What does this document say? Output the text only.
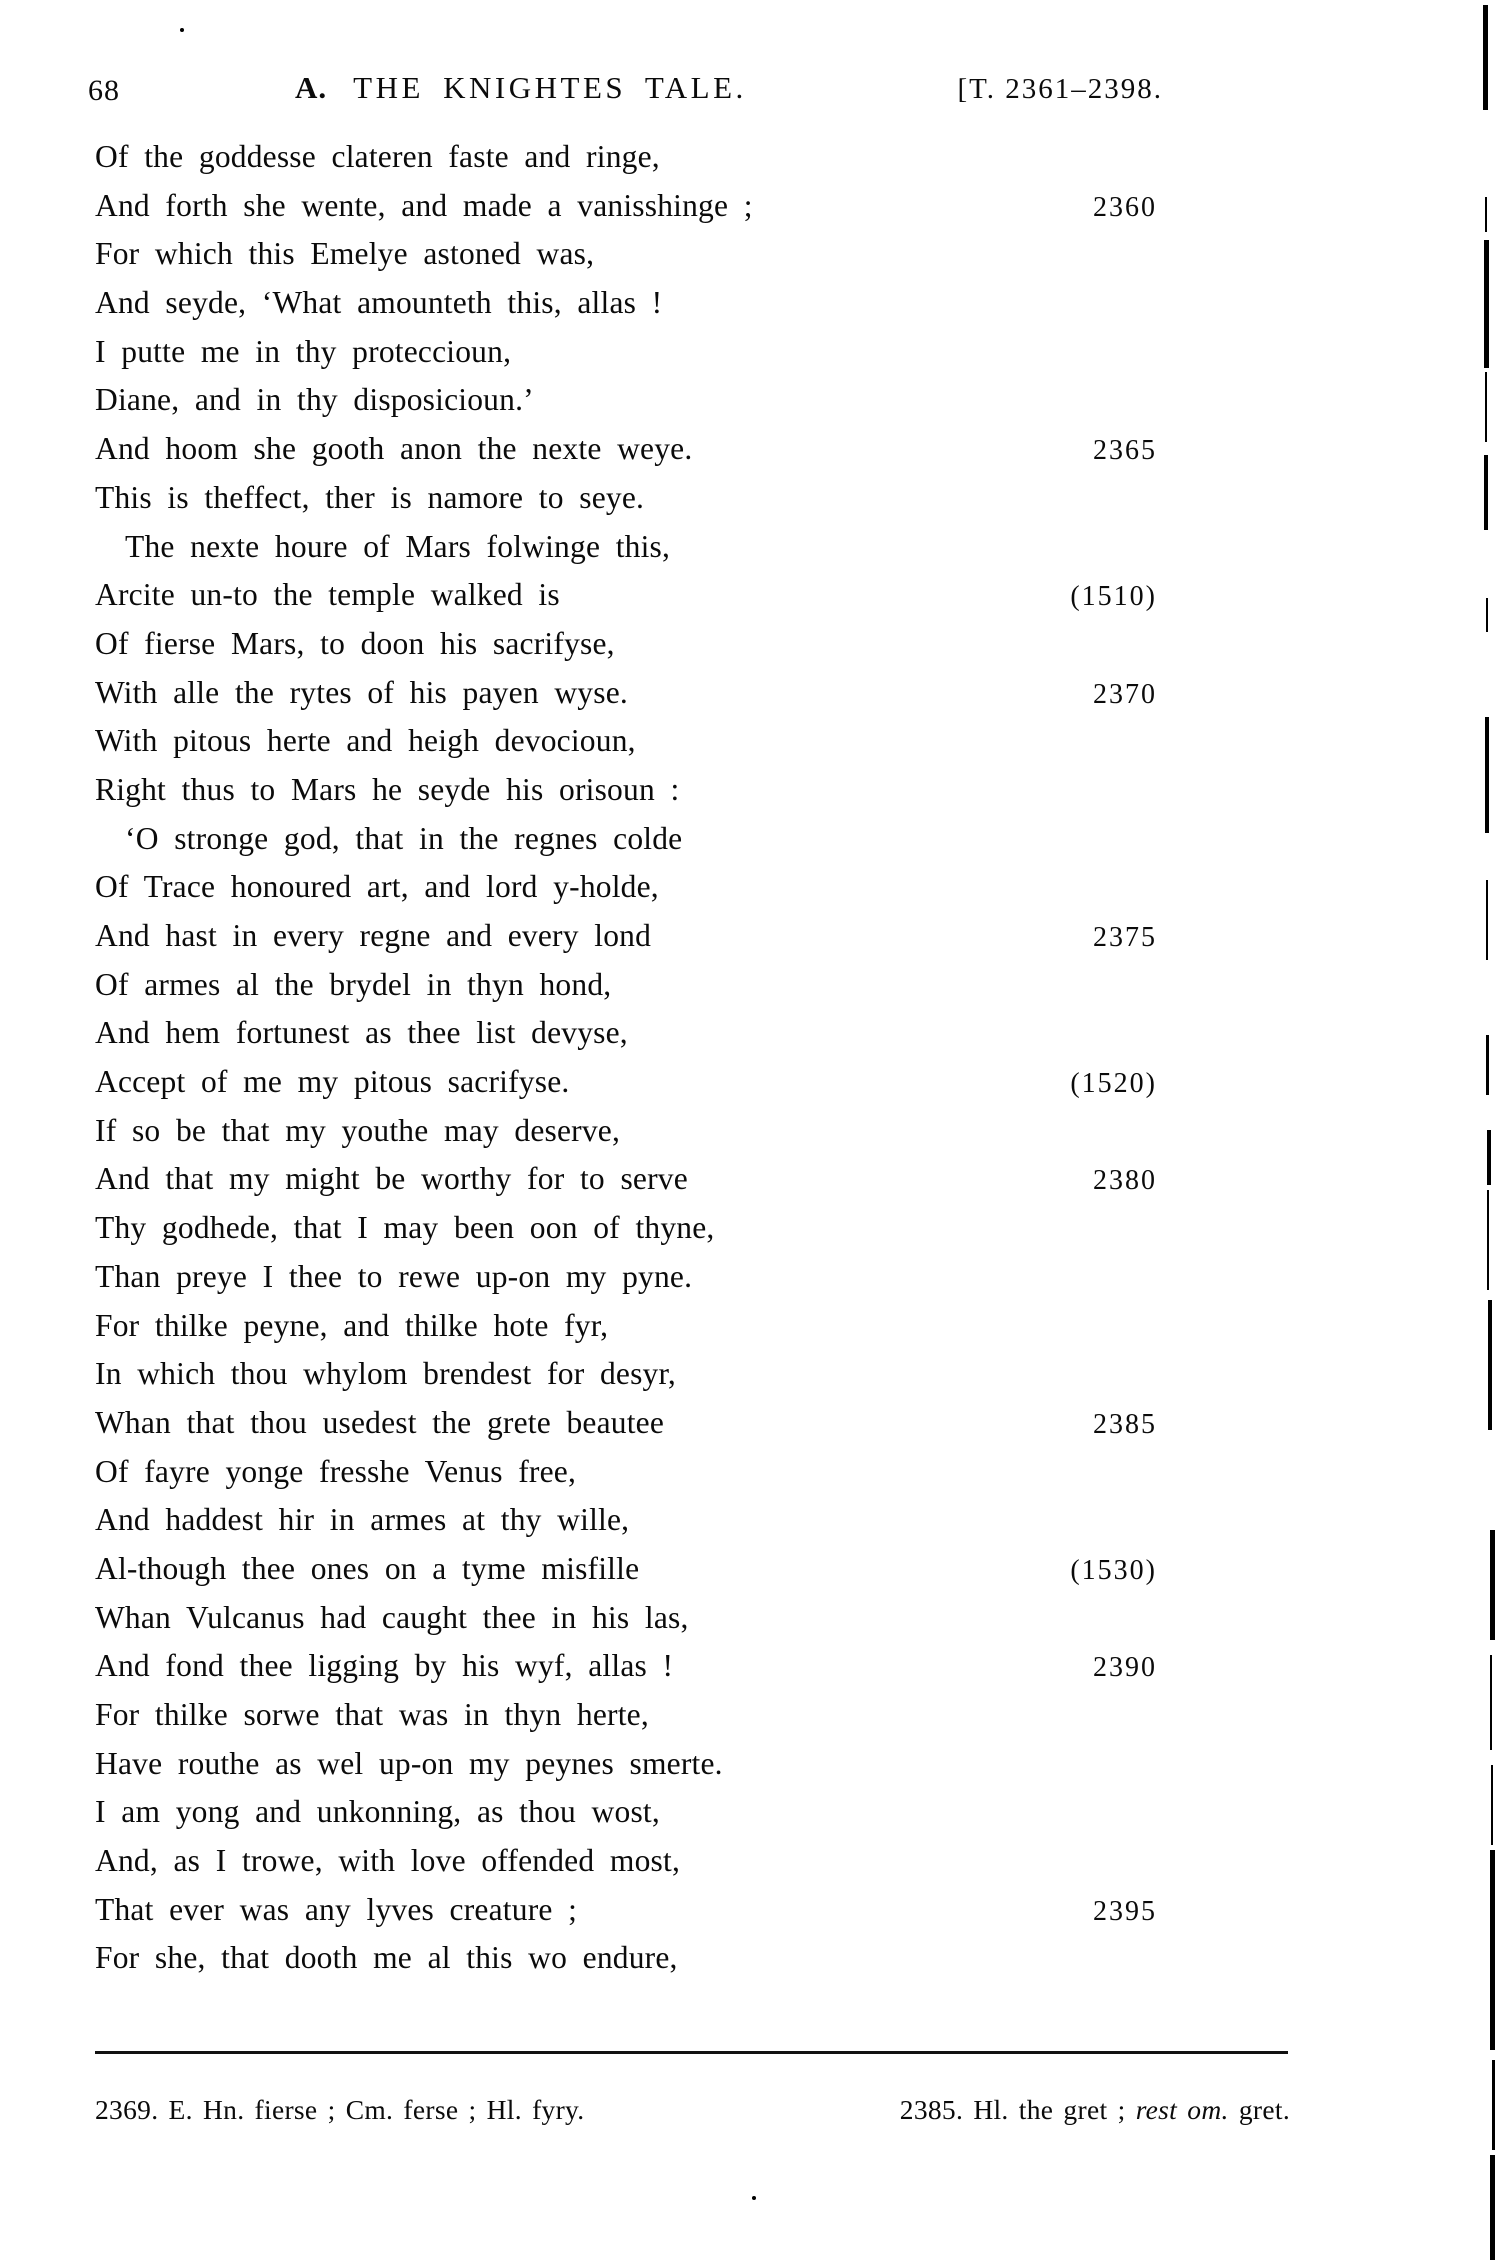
68	A. THE KNIGHTES TALE.	[T. 2361–2398.
Of the goddesse clateren faste and ringe,
And forth she wente, and made a vanisshinge ;	2360
For which this Emelye astoned was,
And seyde, ‘What amounteth this, allas !
I putte me in thy proteccioun,
Diane, and in thy disposicioun.’
And hoom she gooth anon the nexte weye.	2365
This is theffect, ther is namore to seye.
The nexte houre of Mars folwinge this,
Arcite un-to the temple walked is	(1510)
Of fierse Mars, to doon his sacrifyse,
With alle the rytes of his payen wyse.	2370
With pitous herte and heigh devocioun,
Right thus to Mars he seyde his orisoun :
‘O stronge god, that in the regnes colde
Of Trace honoured art, and lord y-holde,
And hast in every regne and every lond	2375
Of armes al the brydel in thyn hond,
And hem fortunest as thee list devyse,
Accept of me my pitous sacrifyse.	(1520)
If so be that my youthe may deserve,
And that my might be worthy for to serve	2380
Thy godhede, that I may been oon of thyne,
Than preye I thee to rewe up-on my pyne.
For thilke peyne, and thilke hote fyr,
In which thou whylom brendest for desyr,
Whan that thou usedest the grete beautee	2385
Of fayre yonge fresshe Venus free,
And haddest hir in armes at thy wille,
Al-though thee ones on a tyme misfille	(1530)
Whan Vulcanus had caught thee in his las,
And fond thee ligging by his wyf, allas !	2390
For thilke sorwe that was in thyn herte,
Have routhe as wel up-on my peynes smerte.
I am yong and unkonning, as thou wost,
And, as I trowe, with love offended most,
That ever was any lyves creature ;	2395
For she, that dooth me al this wo endure,
2369. E. Hn. fierse ; Cm. ferse ; Hl. fyry.	2385. Hl. the gret ; rest om. gret.
